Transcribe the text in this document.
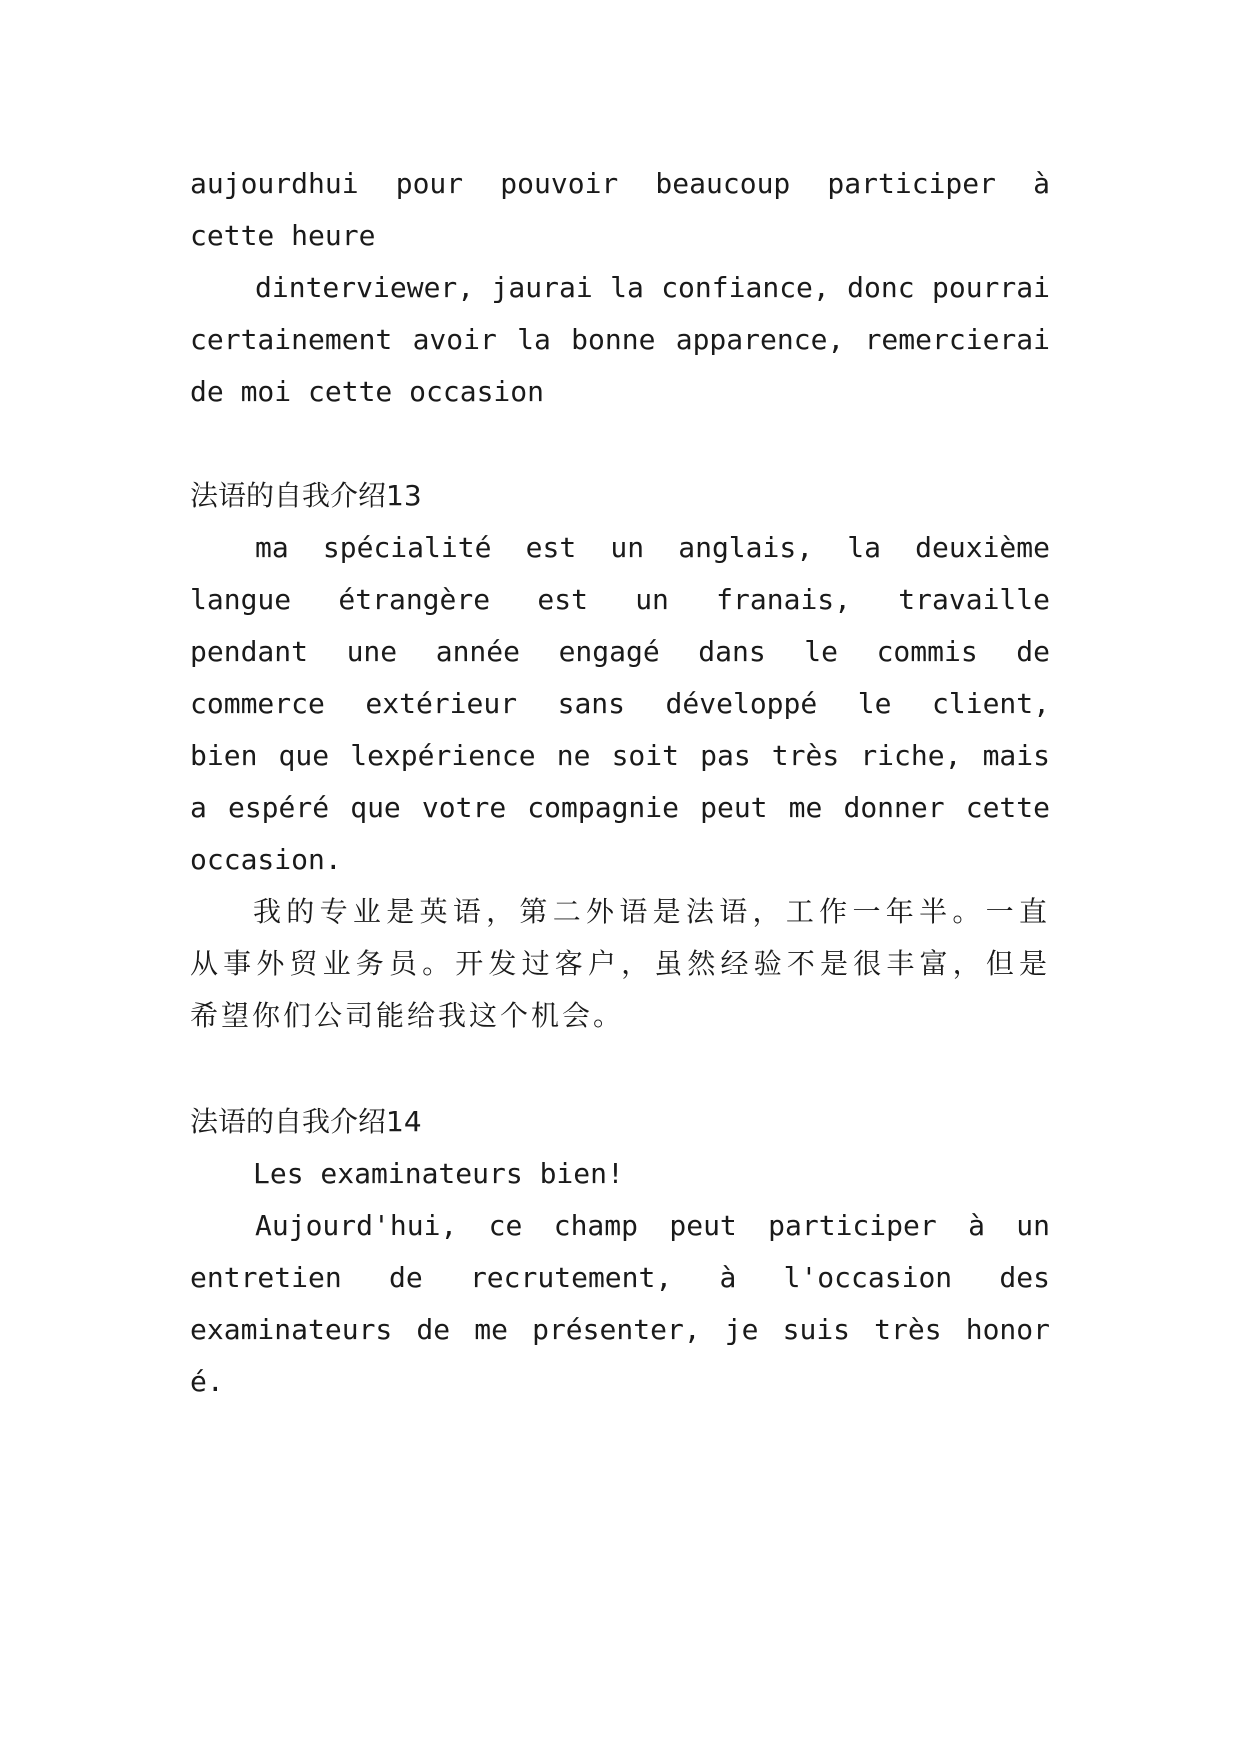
aujourdhui pour pouvoir beaucoup participer à
cette heure
dinterviewer, jaurai la confiance, donc pourrai
certainement avoir la bonne apparence, remercierai
de moi cette occasion
法语的自我介绍13
ma spécialité est un anglais, la deuxième
langue étrangère est un franais, travaille
pendant une année engagé dans le commis de
commerce extérieur sans développé le client,
bien que lexpérience ne soit pas très riche, mais
a espéré que votre compagnie peut me donner cette
occasion.
我的专业是英语，第二外语是法语，工作一年半。一直
从事外贸业务员。开发过客户，虽然经验不是很丰富，但是
希望你们公司能给我这个机会。
法语的自我介绍14
Les examinateurs bien!
Aujourd'hui, ce champ peut participer à un
entretien de recrutement, à l'occasion des
examinateurs de me présenter, je suis très honor
é.
